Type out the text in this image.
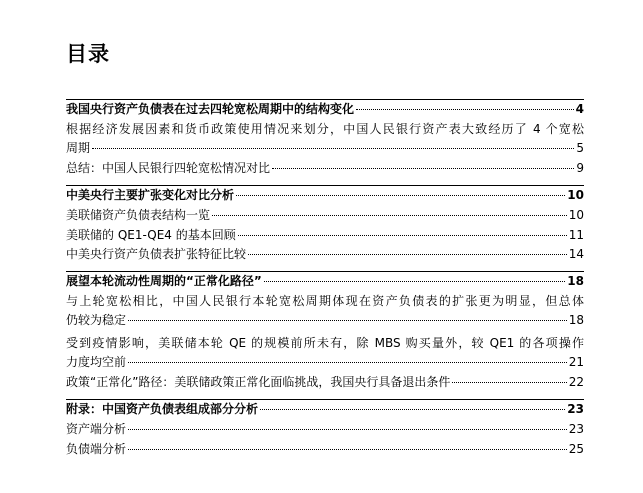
目录
我国央行资产负债表在过去四轮宽松周期中的结构变化	4
根据经济发展因素和货币政策使用情况来划分，中国人民银行资产表大致经历了 4 个宽松
周期	5
总结：中国人民银行四轮宽松情况对比	9
中美央行主要扩张变化对比分析	10
美联储资产负债表结构一览	10
美联储的 QE1-QE4 的基本回顾	11
中美央行资产负债表扩张特征比较	14
展望本轮流动性周期的“正常化路径”	18
与上轮宽松相比，中国人民银行本轮宽松周期体现在资产负债表的扩张更为明显，但总体
仍较为稳定	18
受到疫情影响，美联储本轮 QE 的规模前所未有，除 MBS 购买量外，较 QE1 的各项操作
力度均空前	21
政策“正常化”路径：美联储政策正常化面临挑战，我国央行具备退出条件	22
附录：中国资产负债表组成部分分析	23
资产端分析	23
负债端分析	25
